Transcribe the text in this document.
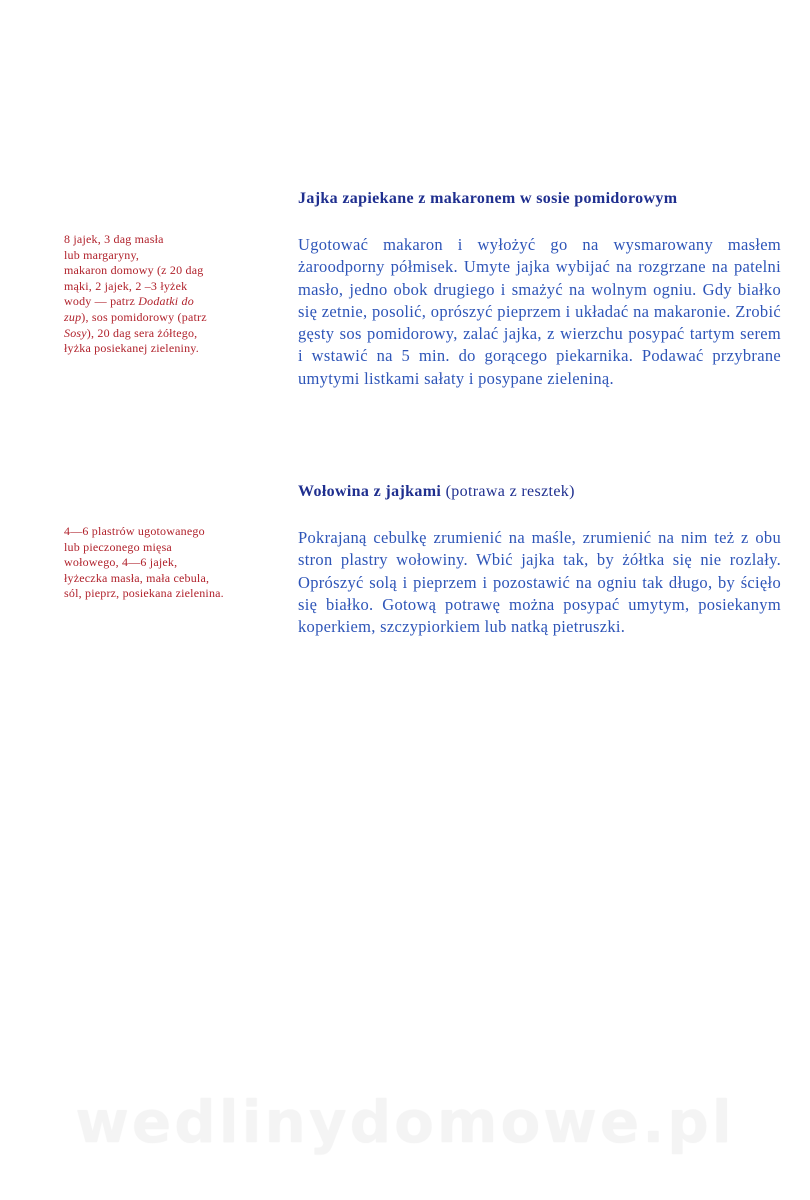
Jajka zapiekane z makaronem w sosie pomidorowym
8 jajek, 3 dag masła
lub margaryny,
makaron domowy (z 20 dag
mąki, 2 jajek, 2 –3 łyżek
wody — patrz Dodatki do
zup), sos pomidorowy (patrz
Sosy), 20 dag sera żółtego,
łyżka posiekanej zieleniny.
Ugotować makaron i wyłożyć go na wysmarowany masłem żaroodporny półmisek. Umyte jajka wybijać na rozgrzane na patelni masło, jedno obok drugiego i smażyć na wolnym ogniu. Gdy białko się zetnie, posolić, oprószyć pieprzem i układać na makaronie. Zrobić gęsty sos pomidorowy, zalać jajka, z wierzchu posypać tartym serem i wstawić na 5 min. do gorącego piekarnika. Podawać przybrane umytymi listkami sałaty i posypane zieleniną.
Wołowina z jajkami (potrawa z resztek)
4—6 plastrów ugotowanego
lub pieczonego mięsa
wołowego, 4—6 jajek,
łyżeczka masła, mała cebula,
sól, pieprz, posiekana zielenina.
Pokrajaną cebulkę zrumienić na maśle, zrumienić na nim też z obu stron plastry wołowiny. Wbić jajka tak, by żółtka się nie rozlały. Oprószyć solą i pieprzem i pozostawić na ogniu tak długo, by ścięło się białko. Gotową potrawę można posypać umytym, posiekanym koperkiem, szczypiorkiem lub natką pietruszki.
wedlinydomowe.pl
